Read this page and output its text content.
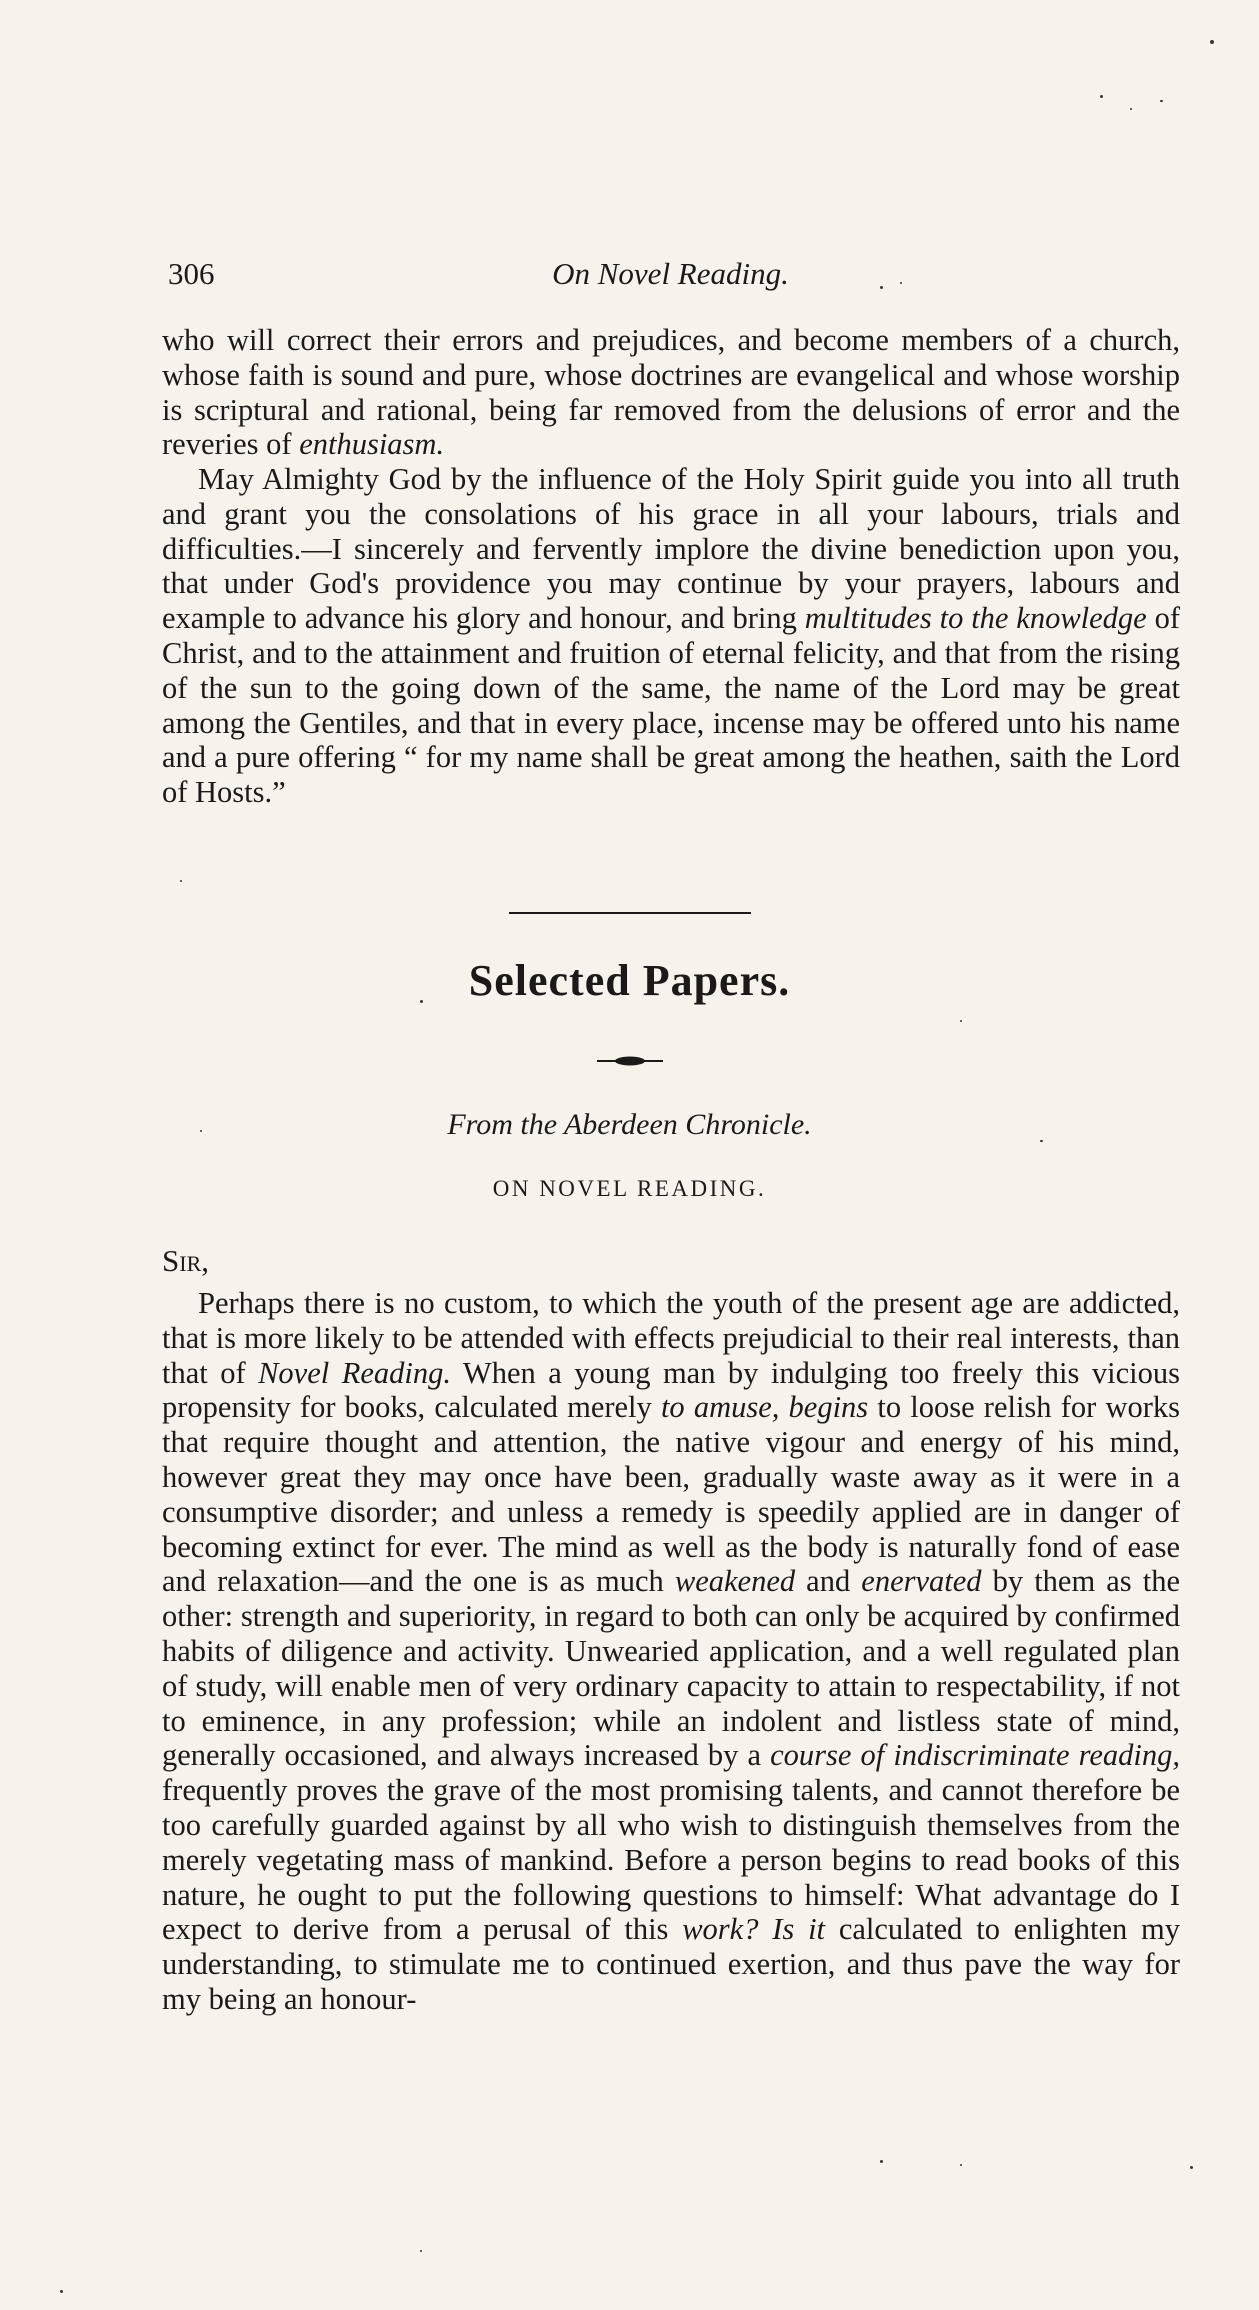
306	On Novel Reading.

who will correct their errors and prejudices, and become members of a church, whose faith is sound and pure, whose doctrines are evangelical and whose worship is scriptural and rational, being far removed from the delusions of error and the reveries of enthusiasm.

May Almighty God by the influence of the Holy Spirit guide you into all truth and grant you the consolations of his grace in all your labours, trials and difficulties.—I sincerely and fervently implore the divine benediction upon you, that under God's providence you may continue by your prayers, labours and example to advance his glory and honour, and bring multitudes to the knowledge of Christ, and to the attainment and fruition of eternal felicity, and that from the rising of the sun to the going down of the same, the name of the Lord may be great among the Gentiles, and that in every place, incense may be offered unto his name and a pure offering “ for my name shall be great among the heathen, saith the Lord of Hosts.”

Selected Papers.
From the Aberdeen Chronicle.
ON NOVEL READING.
Sir,

Perhaps there is no custom, to which the youth of the present age are addicted, that is more likely to be attended with effects prejudicial to their real interests, than that of Novel Reading. When a young man by indulging too freely this vicious propensity for books, calculated merely to amuse, begins to loose relish for works that require thought and attention, the native vigour and energy of his mind, however great they may once have been, gradually waste away as it were in a consumptive disorder; and unless a remedy is speedily applied are in danger of becoming extinct for ever. The mind as well as the body is naturally fond of ease and relaxation—and the one is as much weakened and enervated by them as the other: strength and superiority, in regard to both can only be acquired by confirmed habits of diligence and activity. Unwearied application, and a well regulated plan of study, will enable men of very ordinary capacity to attain to respectability, if not to eminence, in any profession; while an indolent and listless state of mind, generally occasioned, and always increased by a course of indiscriminate reading, frequently proves the grave of the most promising talents, and cannot therefore be too carefully guarded against by all who wish to distinguish themselves from the merely vegetating mass of mankind. Before a person begins to read books of this nature, he ought to put the following questions to himself: What advantage do I expect to derive from a perusal of this work? Is it calculated to enlighten my understanding, to stimulate me to continued exertion, and thus pave the way for my being an honour-
